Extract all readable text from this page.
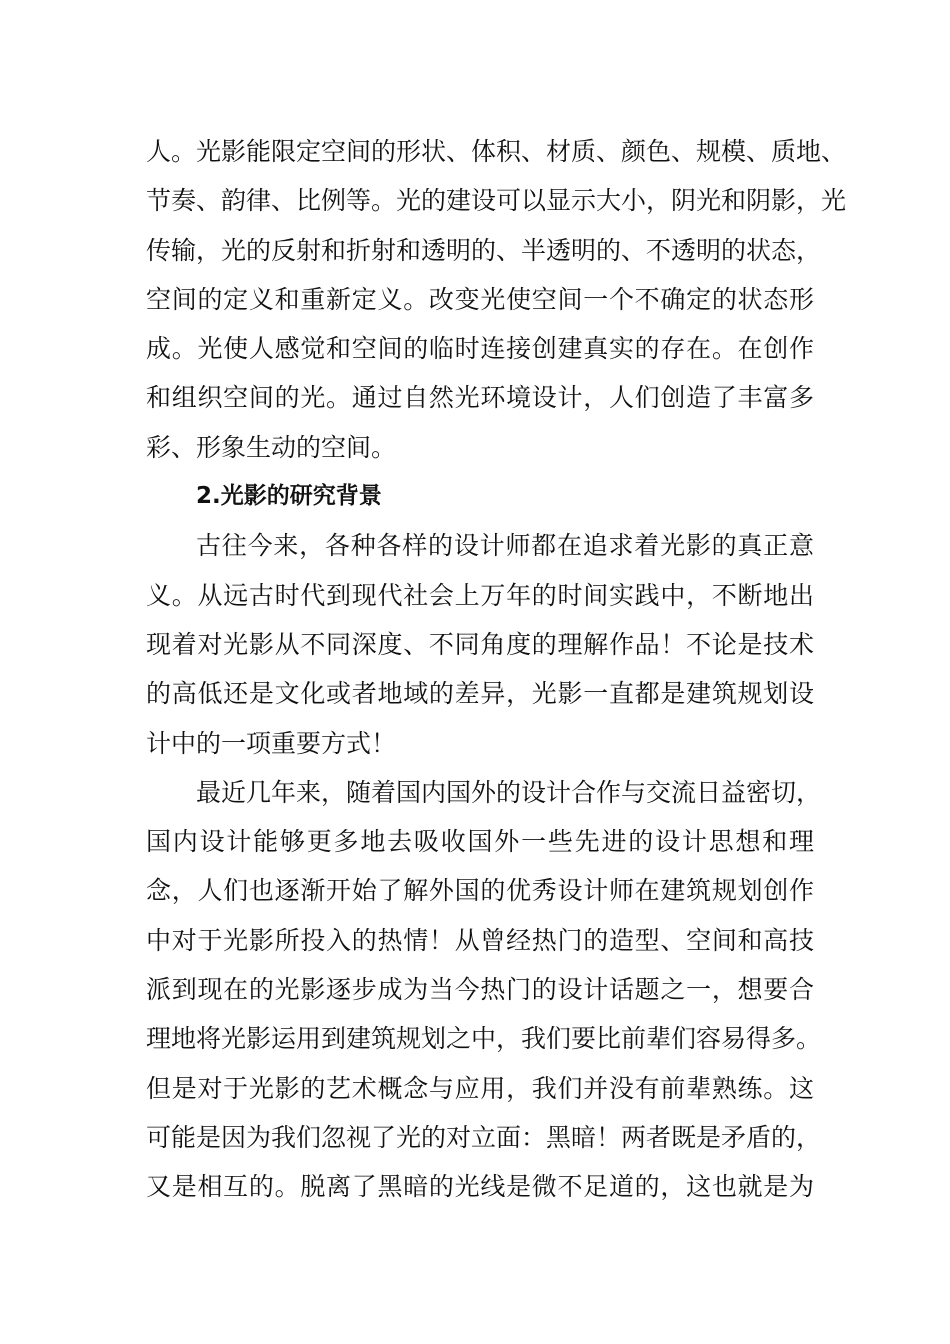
人。光影能限定空间的形状、体积、材质、颜色、规模、质地、
节奏、韵律、比例等。光的建设可以显示大小，阴光和阴影，光
传输，光的反射和折射和透明的、半透明的、不透明的状态，
空间的定义和重新定义。改变光使空间一个不确定的状态形
成。光使人感觉和空间的临时连接创建真实的存在。在创作
和组织空间的光。通过自然光环境设计，人们创造了丰富多
彩、形象生动的空间。
2.光影的研究背景
古往今来，各种各样的设计师都在追求着光影的真正意
义。从远古时代到现代社会上万年的时间实践中，不断地出
现着对光影从不同深度、不同角度的理解作品！不论是技术
的高低还是文化或者地域的差异，光影一直都是建筑规划设
计中的一项重要方式！
最近几年来，随着国内国外的设计合作与交流日益密切，
国内设计能够更多地去吸收国外一些先进的设计思想和理
念，人们也逐渐开始了解外国的优秀设计师在建筑规划创作
中对于光影所投入的热情！从曾经热门的造型、空间和高技
派到现在的光影逐步成为当今热门的设计话题之一，想要合
理地将光影运用到建筑规划之中，我们要比前辈们容易得多。
但是对于光影的艺术概念与应用，我们并没有前辈熟练。这
可能是因为我们忽视了光的对立面：黑暗！两者既是矛盾的，
又是相互的。脱离了黑暗的光线是微不足道的，这也就是为
